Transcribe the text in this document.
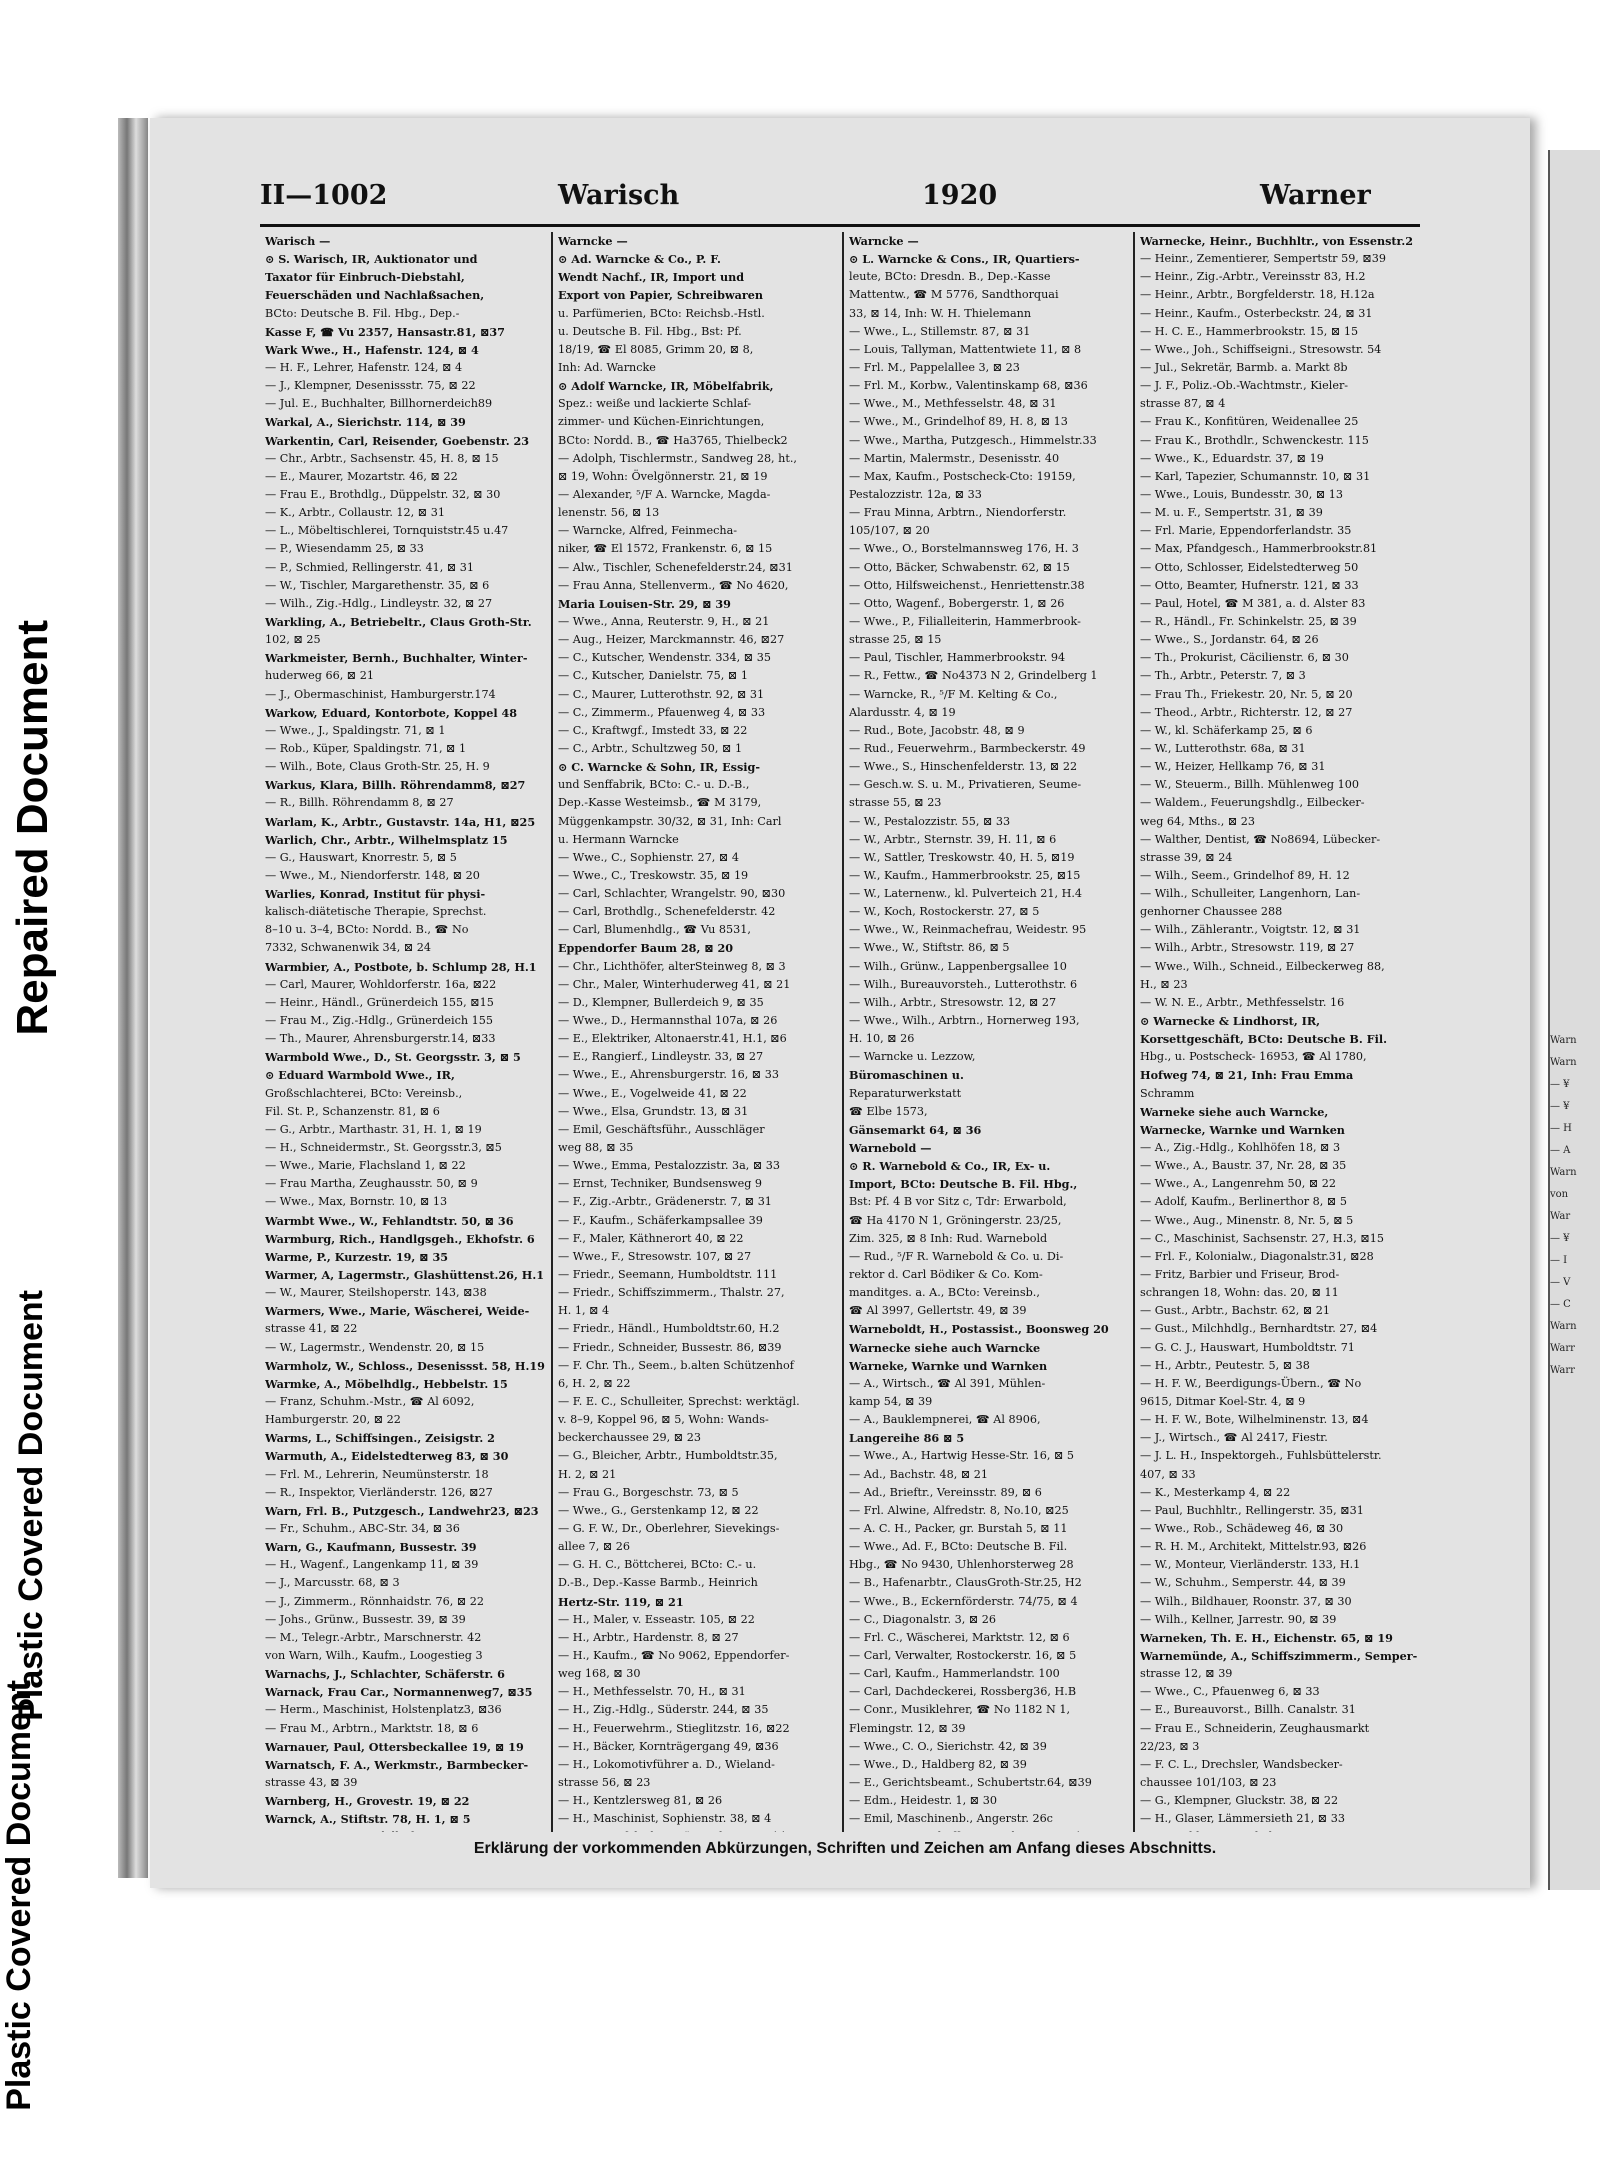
Repaired Document
Plastic Covered Document
Plastic Covered Document
II—1002	Warisch	1920	Warner
Warisch —
⊙ S. Warisch, IR, Auktionator und
Taxator für Einbruch-Diebstahl,
Feuerschäden und Nachlaßsachen,
BCto: Deutsche B. Fil. Hbg., Dep.-
Kasse F, ☎ Vu 2357, Hansastr.81, ⊠37
Wark Wwe., H., Hafenstr. 124, ⊠ 4
— H. F., Lehrer, Hafenstr. 124, ⊠ 4
— J., Klempner, Desenissstr. 75, ⊠ 22
— Jul. E., Buchhalter, Billhornerdeich89
Warkal, A., Sierichstr. 114, ⊠ 39
Warkentin, Carl, Reisender, Goebenstr. 23
— Chr., Arbtr., Sachsenstr. 45, H. 8, ⊠ 15
— E., Maurer, Mozartstr. 46, ⊠ 22
— Frau E., Brothdlg., Düppelstr. 32, ⊠ 30
— K., Arbtr., Collaustr. 12, ⊠ 31
— L., Möbeltischlerei, Tornquiststr.45 u.47
— P., Wiesendamm 25, ⊠ 33
— P., Schmied, Rellingerstr. 41, ⊠ 31
— W., Tischler, Margarethenstr. 35, ⊠ 6
— Wilh., Zig.-Hdlg., Lindleystr. 32, ⊠ 27
Warkling, A., Betriebeltr., Claus Groth-Str.
102, ⊠ 25
Warkmeister, Bernh., Buchhalter, Winter-
huderweg 66, ⊠ 21
— J., Obermaschinist, Hamburgerstr.174
Warkow, Eduard, Kontorbote, Koppel 48
— Wwe., J., Spaldingstr. 71, ⊠ 1
— Rob., Küper, Spaldingstr. 71, ⊠ 1
— Wilh., Bote, Claus Groth-Str. 25, H. 9
Warkus, Klara, Billh. Röhrendamm8, ⊠27
— R., Billh. Röhrendamm 8, ⊠ 27
Warlam, K., Arbtr., Gustavstr. 14a, H1, ⊠25
Warlich, Chr., Arbtr., Wilhelmsplatz 15
— G., Hauswart, Knorrestr. 5, ⊠ 5
— Wwe., M., Niendorferstr. 148, ⊠ 20
Warlies, Konrad, Institut für physi-
kalisch-diätetische Therapie, Sprechst.
8–10 u. 3–4, BCto: Nordd. B., ☎ No
7332, Schwanenwik 34, ⊠ 24
Warmbier, A., Postbote, b. Schlump 28, H.1
— Carl, Maurer, Wohldorferstr. 16a, ⊠22
— Heinr., Händl., Grünerdeich 155, ⊠15
— Frau M., Zig.-Hdlg., Grünerdeich 155
— Th., Maurer, Ahrensburgerstr.14, ⊠33
Warmbold Wwe., D., St. Georgsstr. 3, ⊠ 5
⊙ Eduard Warmbold Wwe., IR,
Großschlachterei, BCto: Vereinsb.,
Fil. St. P., Schanzenstr. 81, ⊠ 6
— G., Arbtr., Marthastr. 31, H. 1, ⊠ 19
— H., Schneidermstr., St. Georgsstr.3, ⊠5
— Wwe., Marie, Flachsland 1, ⊠ 22
— Frau Martha, Zeughausstr. 50, ⊠ 9
— Wwe., Max, Bornstr. 10, ⊠ 13
Warmbt Wwe., W., Fehlandtstr. 50, ⊠ 36
Warmburg, Rich., Handlgsgeh., Ekhofstr. 6
Warme, P., Kurzestr. 19, ⊠ 35
Warmer, A, Lagermstr., Glashüttenst.26, H.1
— W., Maurer, Steilshoperstr. 143, ⊠38
Warmers, Wwe., Marie, Wäscherei, Weide-
strasse 41, ⊠ 22
— W., Lagermstr., Wendenstr. 20, ⊠ 15
Warmholz, W., Schloss., Desenissst. 58, H.19
Warmke, A., Möbelhdlg., Hebbelstr. 15
— Franz, Schuhm.-Mstr., ☎ Al 6092,
Hamburgerstr. 20, ⊠ 22
Warms, L., Schiffsingen., Zeisigstr. 2
Warmuth, A., Eidelstedterweg 83, ⊠ 30
— Frl. M., Lehrerin, Neumünsterstr. 18
— R., Inspektor, Vierländerstr. 126, ⊠27
Warn, Frl. B., Putzgesch., Landwehr23, ⊠23
— Fr., Schuhm., ABC-Str. 34, ⊠ 36
Warn, G., Kaufmann, Bussestr. 39
— H., Wagenf., Langenkamp 11, ⊠ 39
— J., Marcusstr. 68, ⊠ 3
— J., Zimmerm., Rönnhaidstr. 76, ⊠ 22
— Johs., Grünw., Bussestr. 39, ⊠ 39
— M., Telegr.-Arbtr., Marschnerstr. 42
von Warn, Wilh., Kaufm., Loogestieg 3
Warnachs, J., Schlachter, Schäferstr. 6
Warnack, Frau Car., Normannenweg7, ⊠35
— Herm., Maschinist, Holstenplatz3, ⊠36
— Frau M., Arbtrn., Marktstr. 18, ⊠ 6
Warnauer, Paul, Ottersbeckallee 19, ⊠ 19
Warnatsch, F. A., Werkmstr., Barmbecker-
strasse 43, ⊠ 39
Warnberg, H., Grovestr. 19, ⊠ 22
Warnck, A., Stiftstr. 78, H. 1, ⊠ 5
Warncke —
⊙ Ad. Warncke & Co., P. F.
Wendt Nachf., IR, Import und
Export von Papier, Schreibwaren
u. Parfümerien, BCto: Reichsb.-Hstl.
u. Deutsche B. Fil. Hbg., Bst: Pf.
18/19, ☎ El 8085, Grimm 20, ⊠ 8,
Inh: Ad. Warncke
⊙ Adolf Warncke, IR, Möbelfabrik,
Spez.: weiße und lackierte Schlaf-
zimmer- und Küchen-Einrichtungen,
BCto: Nordd. B., ☎ Ha3765, Thielbeck2
— Adolph, Tischlermstr., Sandweg 28, ht.,
⊠ 19, Wohn: Övelgönnerstr. 21, ⊠ 19
— Alexander, ⁵/F A. Warncke, Magda-
lenenstr. 56, ⊠ 13
— Warncke, Alfred, Feinmecha-
niker, ☎ El 1572, Frankenstr. 6, ⊠ 15
— Alw., Tischler, Schenefelderstr.24, ⊠31
— Frau Anna, Stellenverm., ☎ No 4620,
Maria Louisen-Str. 29, ⊠ 39
— Wwe., Anna, Reuterstr. 9, H., ⊠ 21
— Aug., Heizer, Marckmannstr. 46, ⊠27
— C., Kutscher, Wendenstr. 334, ⊠ 35
— C., Kutscher, Danielstr. 75, ⊠ 1
— C., Maurer, Lutterothstr. 92, ⊠ 31
— C., Zimmerm., Pfauenweg 4, ⊠ 33
— C., Kraftwgf., Imstedt 33, ⊠ 22
— C., Arbtr., Schultzweg 50, ⊠ 1
⊙ C. Warncke & Sohn, IR, Essig-
und Senffabrik, BCto: C.- u. D.-B.,
Dep.-Kasse Westeimsb., ☎ M 3179,
Müggenkampstr. 30/32, ⊠ 31, Inh: Carl
u. Hermann Warncke
— Wwe., C., Sophienstr. 27, ⊠ 4
— Wwe., C., Treskowstr. 35, ⊠ 19
— Carl, Schlachter, Wrangelstr. 90, ⊠30
— Carl, Brothdlg., Schenefelderstr. 42
— Carl, Blumenhdlg., ☎ Vu 8531,
Eppendorfer Baum 28, ⊠ 20
— Chr., Lichthöfer, alterSteinweg 8, ⊠ 3
— Chr., Maler, Winterhuderweg 41, ⊠ 21
— D., Klempner, Bullerdeich 9, ⊠ 35
— Wwe., D., Hermannsthal 107a, ⊠ 26
— E., Elektriker, Altonaerstr.41, H.1, ⊠6
— E., Rangierf., Lindleystr. 33, ⊠ 27
— Wwe., E., Ahrensburgerstr. 16, ⊠ 33
— Wwe., E., Vogelweide 41, ⊠ 22
— Wwe., Elsa, Grundstr. 13, ⊠ 31
— Emil, Geschäftsführ., Ausschläger
weg 88, ⊠ 35
— Wwe., Emma, Pestalozzistr. 3a, ⊠ 33
— Ernst, Techniker, Bundsensweg 9
— F., Zig.-Arbtr., Grädenerstr. 7, ⊠ 31
— F., Kaufm., Schäferkampsallee 39
— F., Maler, Käthnerort 40, ⊠ 22
— Wwe., F., Stresowstr. 107, ⊠ 27
— Friedr., Seemann, Humboldtstr. 111
— Friedr., Schiffszimmerm., Thalstr. 27,
H. 1, ⊠ 4
— Friedr., Händl., Humboldtstr.60, H.2
— Friedr., Schneider, Bussestr. 86, ⊠39
— F. Chr. Th., Seem., b.alten Schützenhof
6, H. 2, ⊠ 22
— F. E. C., Schulleiter, Sprechst: werktägl.
v. 8–9, Koppel 96, ⊠ 5, Wohn: Wands-
beckerchaussee 29, ⊠ 23
— G., Bleicher, Arbtr., Humboldtstr.35,
H. 2, ⊠ 21
— Frau G., Borgeschstr. 73, ⊠ 5
— Wwe., G., Gerstenkamp 12, ⊠ 22
— G. F. W., Dr., Oberlehrer, Sievekings-
allee 7, ⊠ 26
— G. H. C., Böttcherei, BCto: C.- u.
D.-B., Dep.-Kasse Barmb., Heinrich
Hertz-Str. 119, ⊠ 21
— H., Maler, v. Esseastr. 105, ⊠ 22
— H., Arbtr., Hardenstr. 8, ⊠ 27
— H., Kaufm., ☎ No 9062, Eppendorfer-
weg 168, ⊠ 30
— H., Methfesselstr. 70, H., ⊠ 31
— H., Zig.-Hdlg., Süderstr. 244, ⊠ 35
— H., Feuerwehrm., Stieglitzstr. 16, ⊠22
— H., Bäcker, Kornträgergang 49, ⊠36
— H., Lokomotivführer a. D., Wieland-
strasse 56, ⊠ 23
— H., Kentzlersweg 81, ⊠ 26
— H., Maschinist, Sophienstr. 38, ⊠ 4
Warncke —
⊙ L. Warncke & Cons., IR, Quartiers-
leute, BCto: Dresdn. B., Dep.-Kasse
Mattentw., ☎ M 5776, Sandthorquai
33, ⊠ 14, Inh: W. H. Thielemann
— Wwe., L., Stillemstr. 87, ⊠ 31
— Louis, Tallyman, Mattentwiete 11, ⊠ 8
— Frl. M., Pappelallee 3, ⊠ 23
— Frl. M., Korbw., Valentinskamp 68, ⊠36
— Wwe., M., Methfesselstr. 48, ⊠ 31
— Wwe., M., Grindelhof 89, H. 8, ⊠ 13
— Wwe., Martha, Putzgesch., Himmelstr.33
— Martin, Malermstr., Desenisstr. 40
— Max, Kaufm., Postscheck-Cto: 19159,
Pestalozzistr. 12a, ⊠ 33
— Frau Minna, Arbtrn., Niendorferstr.
105/107, ⊠ 20
— Wwe., O., Borstelmannsweg 176, H. 3
— Otto, Bäcker, Schwabenstr. 62, ⊠ 15
— Otto, Hilfsweichenst., Henriettenstr.38
— Otto, Wagenf., Bobergerstr. 1, ⊠ 26
— Wwe., P., Filialleiterin, Hammerbrook-
strasse 25, ⊠ 15
— Paul, Tischler, Hammerbrookstr. 94
— R., Fettw., ☎ No4373 N 2, Grindelberg 1
— Warncke, R., ⁵/F M. Kelting & Co.,
Alardusstr. 4, ⊠ 19
— Rud., Bote, Jacobstr. 48, ⊠ 9
— Rud., Feuerwehrm., Barmbeckerstr. 49
— Wwe., S., Hinschenfelderstr. 13, ⊠ 22
— Gesch.w. S. u. M., Privatieren, Seume-
strasse 55, ⊠ 23
— W., Pestalozzistr. 55, ⊠ 33
— W., Arbtr., Sternstr. 39, H. 11, ⊠ 6
— W., Sattler, Treskowstr. 40, H. 5, ⊠19
— W., Kaufm., Hammerbrookstr. 25, ⊠15
— W., Laternenw., kl. Pulverteich 21, H.4
— W., Koch, Rostockerstr. 27, ⊠ 5
— Wwe., W., Reinmachefrau, Weidestr. 95
— Wwe., W., Stiftstr. 86, ⊠ 5
— Wilh., Grünw., Lappenbergsallee 10
— Wilh., Bureauvorsteh., Lutterothstr. 6
— Wilh., Arbtr., Stresowstr. 12, ⊠ 27
— Wwe., Wilh., Arbtrn., Hornerweg 193,
H. 10, ⊠ 26
— Warncke u. Lezzow,
Büromaschinen u.
Reparaturwerkstatt
☎ Elbe 1573,
Gänsemarkt 64, ⊠ 36
Warnebold —
⊙ R. Warnebold & Co., IR, Ex- u.
Import, BCto: Deutsche B. Fil. Hbg.,
Bst: Pf. 4 B vor Sitz c, Tdr: Erwarbold,
☎ Ha 4170 N 1, Gröningerstr. 23/25,
Zim. 325, ⊠ 8 Inh: Rud. Warnebold
— Rud., ⁵/F R. Warnebold & Co. u. Di-
rektor d. Carl Bödiker & Co. Kom-
manditges. a. A., BCto: Vereinsb.,
☎ Al 3997, Gellertstr. 49, ⊠ 39
Warneboldt, H., Postassist., Boonsweg 20
Warnecke siehe auch Warncke
Warneke, Warnke und Warnken
— A., Wirtsch., ☎ Al 391, Mühlen-
kamp 54, ⊠ 39
— A., Bauklempnerei, ☎ Al 8906,
Langereihe 86 ⊠ 5
— Wwe., A., Hartwig Hesse-Str. 16, ⊠ 5
— Ad., Bachstr. 48, ⊠ 21
— Ad., Brieftr., Vereinsstr. 89, ⊠ 6
— Frl. Alwine, Alfredstr. 8, No.10, ⊠25
— A. C. H., Packer, gr. Burstah 5, ⊠ 11
— Wwe., Ad. F., BCto: Deutsche B. Fil.
Hbg., ☎ No 9430, Uhlenhorsterweg 28
— B., Hafenarbtr., ClausGroth-Str.25, H2
— Wwe., B., Eckernförderstr. 74/75, ⊠ 4
— C., Diagonalstr. 3, ⊠ 26
— Frl. C., Wäscherei, Marktstr. 12, ⊠ 6
— Carl, Verwalter, Rostockerstr. 16, ⊠ 5
— Carl, Kaufm., Hammerlandstr. 100
— Carl, Dachdeckerei, Rossberg36, H.B
— Conr., Musiklehrer, ☎ No 1182 N 1,
Flemingstr. 12, ⊠ 39
— Wwe., C. O., Sierichstr. 42, ⊠ 39
— Wwe., D., Haldberg 82, ⊠ 39
— E., Gerichtsbeamt., Schubertstr.64, ⊠39
— Edm., Heidestr. 1, ⊠ 30
— Emil, Maschinenb., Angerstr. 26c
Warnecke, Heinr., Buchhltr., von Essenstr.2
— Heinr., Zementierer, Sempertstr 59, ⊠39
— Heinr., Zig.-Arbtr., Vereinsstr 83, H.2
— Heinr., Arbtr., Borgfelderstr. 18, H.12a
— Heinr., Kaufm., Osterbeckstr. 24, ⊠ 31
— H. C. E., Hammerbrookstr. 15, ⊠ 15
— Wwe., Joh., Schiffseigni., Stresowstr. 54
— Jul., Sekretär, Barmb. a. Markt 8b
— J. F., Poliz.-Ob.-Wachtmstr., Kieler-
strasse 87, ⊠ 4
— Frau K., Konfitüren, Weidenallee 25
— Frau K., Brothdlr., Schwenckestr. 115
— Wwe., K., Eduardstr. 37, ⊠ 19
— Karl, Tapezier, Schumannstr. 10, ⊠ 31
— Wwe., Louis, Bundesstr. 30, ⊠ 13
— M. u. F., Sempertstr. 31, ⊠ 39
— Frl. Marie, Eppendorferlandstr. 35
— Max, Pfandgesch., Hammerbrookstr.81
— Otto, Schlosser, Eidelstedterweg 50
— Otto, Beamter, Hufnerstr. 121, ⊠ 33
— Paul, Hotel, ☎ M 381, a. d. Alster 83
— R., Händl., Fr. Schinkelstr. 25, ⊠ 39
— Wwe., S., Jordanstr. 64, ⊠ 26
— Th., Prokurist, Cäcilienstr. 6, ⊠ 30
— Th., Arbtr., Peterstr. 7, ⊠ 3
— Frau Th., Friekestr. 20, Nr. 5, ⊠ 20
— Theod., Arbtr., Richterstr. 12, ⊠ 27
— W., kl. Schäferkamp 25, ⊠ 6
— W., Lutterothstr. 68a, ⊠ 31
— W., Heizer, Hellkamp 76, ⊠ 31
— W., Steuerm., Billh. Mühlenweg 100
— Waldem., Feuerungshdlg., Eilbecker-
weg 64, Mths., ⊠ 23
— Walther, Dentist, ☎ No8694, Lübecker-
strasse 39, ⊠ 24
— Wilh., Seem., Grindelhof 89, H. 12
— Wilh., Schulleiter, Langenhorn, Lan-
genhorner Chaussee 288
— Wilh., Zählerantr., Voigtstr. 12, ⊠ 31
— Wilh., Arbtr., Stresowstr. 119, ⊠ 27
— Wwe., Wilh., Schneid., Eilbeckerweg 88,
H., ⊠ 23
— W. N. E., Arbtr., Methfesselstr. 16
⊙ Warnecke & Lindhorst, IR,
Korsettgeschäft, BCto: Deutsche B. Fil.
Hbg., u. Postscheck- 16953, ☎ Al 1780,
Hofweg 74, ⊠ 21, Inh: Frau Emma
Schramm
Warneke siehe auch Warncke,
Warnecke, Warnke und Warnken
— A., Zig.-Hdlg., Kohlhöfen 18, ⊠ 3
— Wwe., A., Baustr. 37, Nr. 28, ⊠ 35
— Wwe., A., Langenrehm 50, ⊠ 22
— Adolf, Kaufm., Berlinerthor 8, ⊠ 5
— Wwe., Aug., Minenstr. 8, Nr. 5, ⊠ 5
— C., Maschinist, Sachsenstr. 27, H.3, ⊠15
— Frl. F., Kolonialw., Diagonalstr.31, ⊠28
— Fritz, Barbier und Friseur, Brod-
schrangen 18, Wohn: das. 20, ⊠ 11
— Gust., Arbtr., Bachstr. 62, ⊠ 21
— Gust., Milchhdlg., Bernhardtstr. 27, ⊠4
— G. C. J., Hauswart, Humboldtstr. 71
— H., Arbtr., Peutestr. 5, ⊠ 38
— H. F. W., Beerdigungs-Übern., ☎ No
9615, Ditmar Koel-Str. 4, ⊠ 9
— H. F. W., Bote, Wilhelminenstr. 13, ⊠4
— J., Wirtsch., ☎ Al 2417, Fiestr.
— J. L. H., Inspektorgeh., Fuhlsbüttelerstr.
407, ⊠ 33
— K., Mesterkamp 4, ⊠ 22
— Paul, Buchhltr., Rellingerstr. 35, ⊠31
— Wwe., Rob., Schädeweg 46, ⊠ 30
— R. H. M., Architekt, Mittelstr.93, ⊠26
— W., Monteur, Vierländerstr. 133, H.1
— W., Schuhm., Semperstr. 44, ⊠ 39
— Wilh., Bildhauer, Roonstr. 37, ⊠ 30
— Wilh., Kellner, Jarrestr. 90, ⊠ 39
Warneken, Th. E. H., Eichenstr. 65, ⊠ 19
Warnemünde, A., Schiffszimmerm., Semper-
strasse 12, ⊠ 39
— Wwe., C., Pfauenweg 6, ⊠ 33
— E., Bureauvorst., Billh. Canalstr. 31
— Frau E., Schneiderin, Zeughausmarkt
22/23, ⊠ 3
— F. C. L., Drechsler, Wandsbecker-
chaussee 101/103, ⊠ 23
— G., Klempner, Gluckstr. 38, ⊠ 22
— H., Glaser, Lämmersieth 21, ⊠ 33
Erklärung der vorkommenden Abkürzungen, Schriften und Zeichen am Anfang dieses Abschnitts.
Warn
Warn
— ¥
— ¥
— H
— A
Warn
von
War
— ¥
— I
— V
— C
Warn
Warr
Warr
